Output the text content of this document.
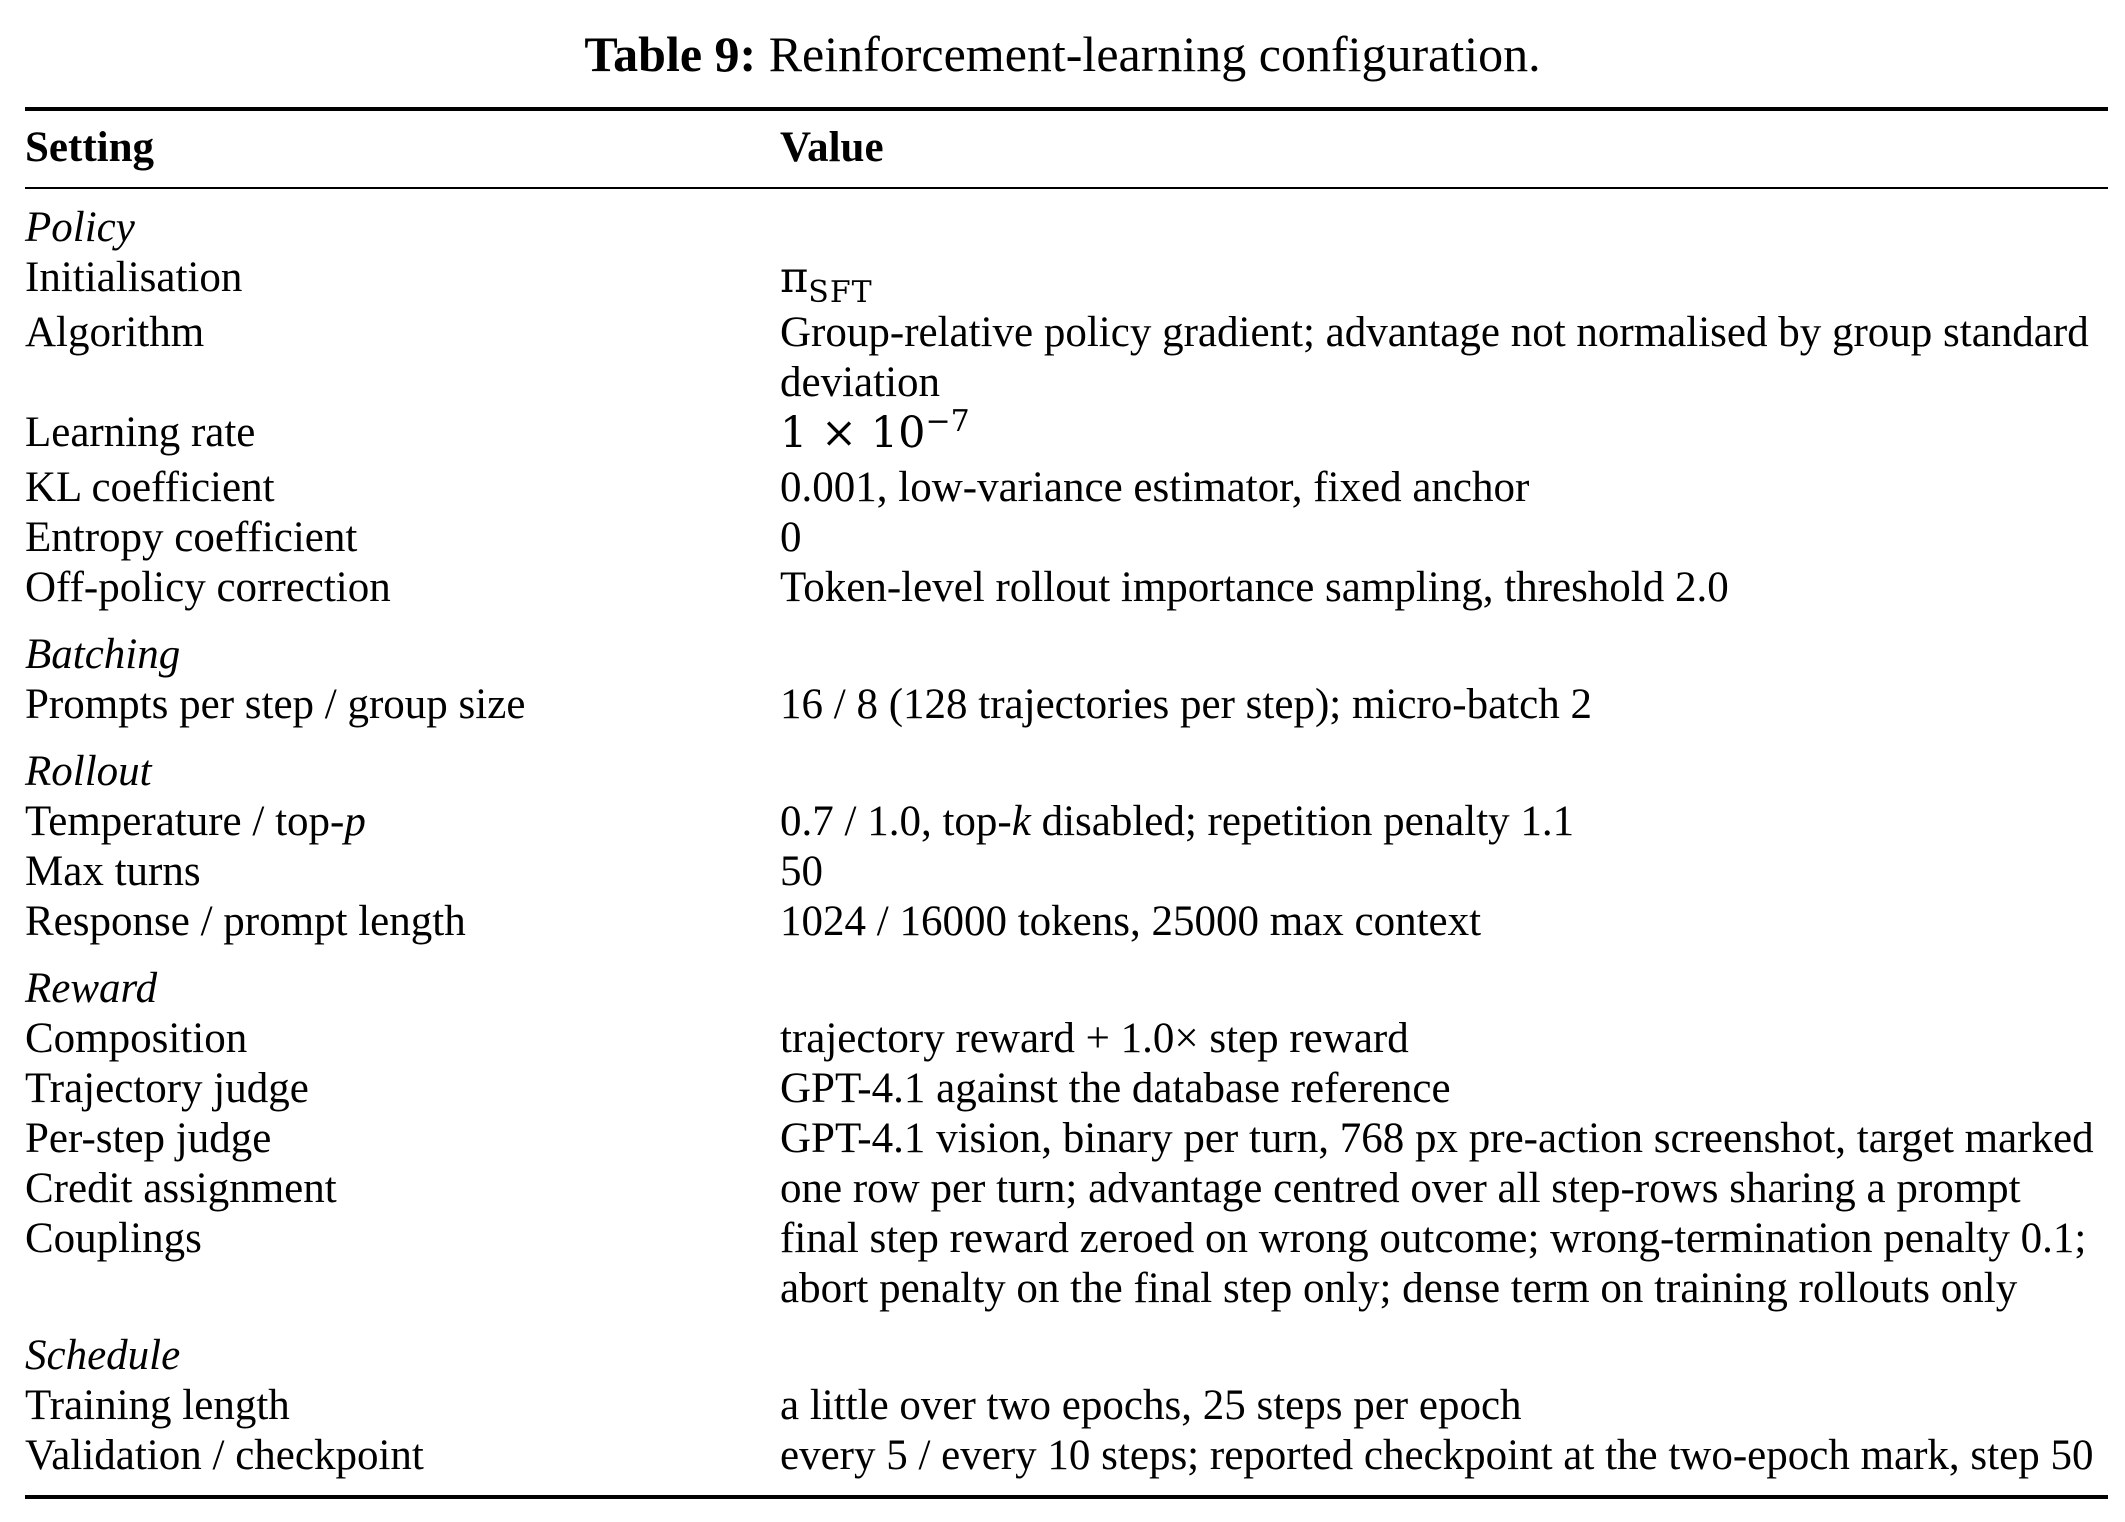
Table 9: Reinforcement-learning configuration.
Setting	Value
Policy
Initialisation	$\pi_{SFT}$
Algorithm	Group-relative policy gradient; advantage not normalised by group standard
deviation
Learning rate	$1 \times 10^{-7}$
KL coefficient	0.001, low-variance estimator, fixed anchor
Entropy coefficient	0
Off-policy correction	Token-level rollout importance sampling, threshold 2.0
Batching
Prompts per step / group size	16 / 8 (128 trajectories per step); micro-batch 2
Rollout
Temperature / top-p	0.7 / 1.0, top-k disabled; repetition penalty 1.1
Max turns	50
Response / prompt length	1024 / 16000 tokens, 25000 max context
Reward
Composition	trajectory reward + 1.0× step reward
Trajectory judge	GPT-4.1 against the database reference
Per-step judge	GPT-4.1 vision, binary per turn, 768 px pre-action screenshot, target marked
Credit assignment	one row per turn; advantage centred over all step-rows sharing a prompt
Couplings	final step reward zeroed on wrong outcome; wrong-termination penalty 0.1;
abort penalty on the final step only; dense term on training rollouts only
Schedule
Training length	a little over two epochs, 25 steps per epoch
Validation / checkpoint	every 5 / every 10 steps; reported checkpoint at the two-epoch mark, step 50
